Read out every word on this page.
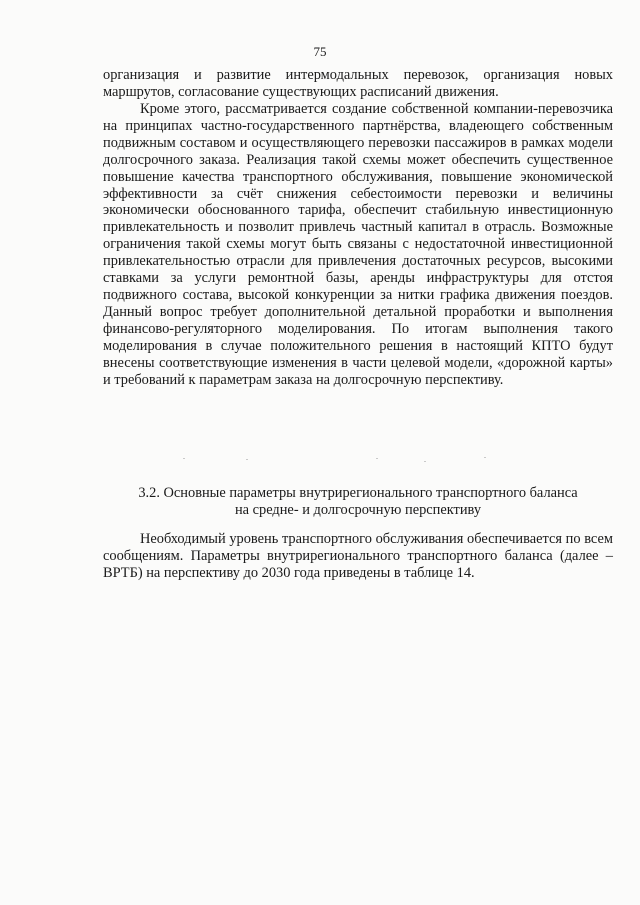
75

организация и развитие интермодальных перевозок, организация новых маршрутов, согласование существующих расписаний движения.

Кроме этого, рассматривается создание собственной компании-перевозчика на принципах частно-государственного партнёрства, владеющего собственным подвижным составом и осуществляющего перевозки пассажиров в рамках модели долгосрочного заказа. Реализация такой схемы может обеспечить существенное повышение качества транспортного обслуживания, повышение экономической эффективности за счёт снижения себестоимости перевозки и величины экономически обоснованного тарифа, обеспечит стабильную инвестиционную привлекательность и позволит привлечь частный капитал в отрасль. Возможные ограничения такой схемы могут быть связаны с недостаточной инвестиционной привлекательностью отрасли для привлечения достаточных ресурсов, высокими ставками за услуги ремонтной базы, аренды инфраструктуры для отстоя подвижного состава, высокой конкуренции за нитки графика движения поездов. Данный вопрос требует дополнительной детальной проработки и выполнения финансово-регуляторного моделирования. По итогам выполнения такого моделирования в случае положительного решения в настоящий КПТО будут внесены соответствующие изменения в части целевой модели, «дорожной карты» и требований к параметрам заказа на долгосрочную перспективу.

3.2. Основные параметры внутрирегионального транспортного баланса
на средне- и долгосрочную перспективу

Необходимый уровень транспортного обслуживания обеспечивается по всем сообщениям. Параметры внутрирегионального транспортного баланса (далее – ВРТБ) на перспективу до 2030 года приведены в таблице 14.
